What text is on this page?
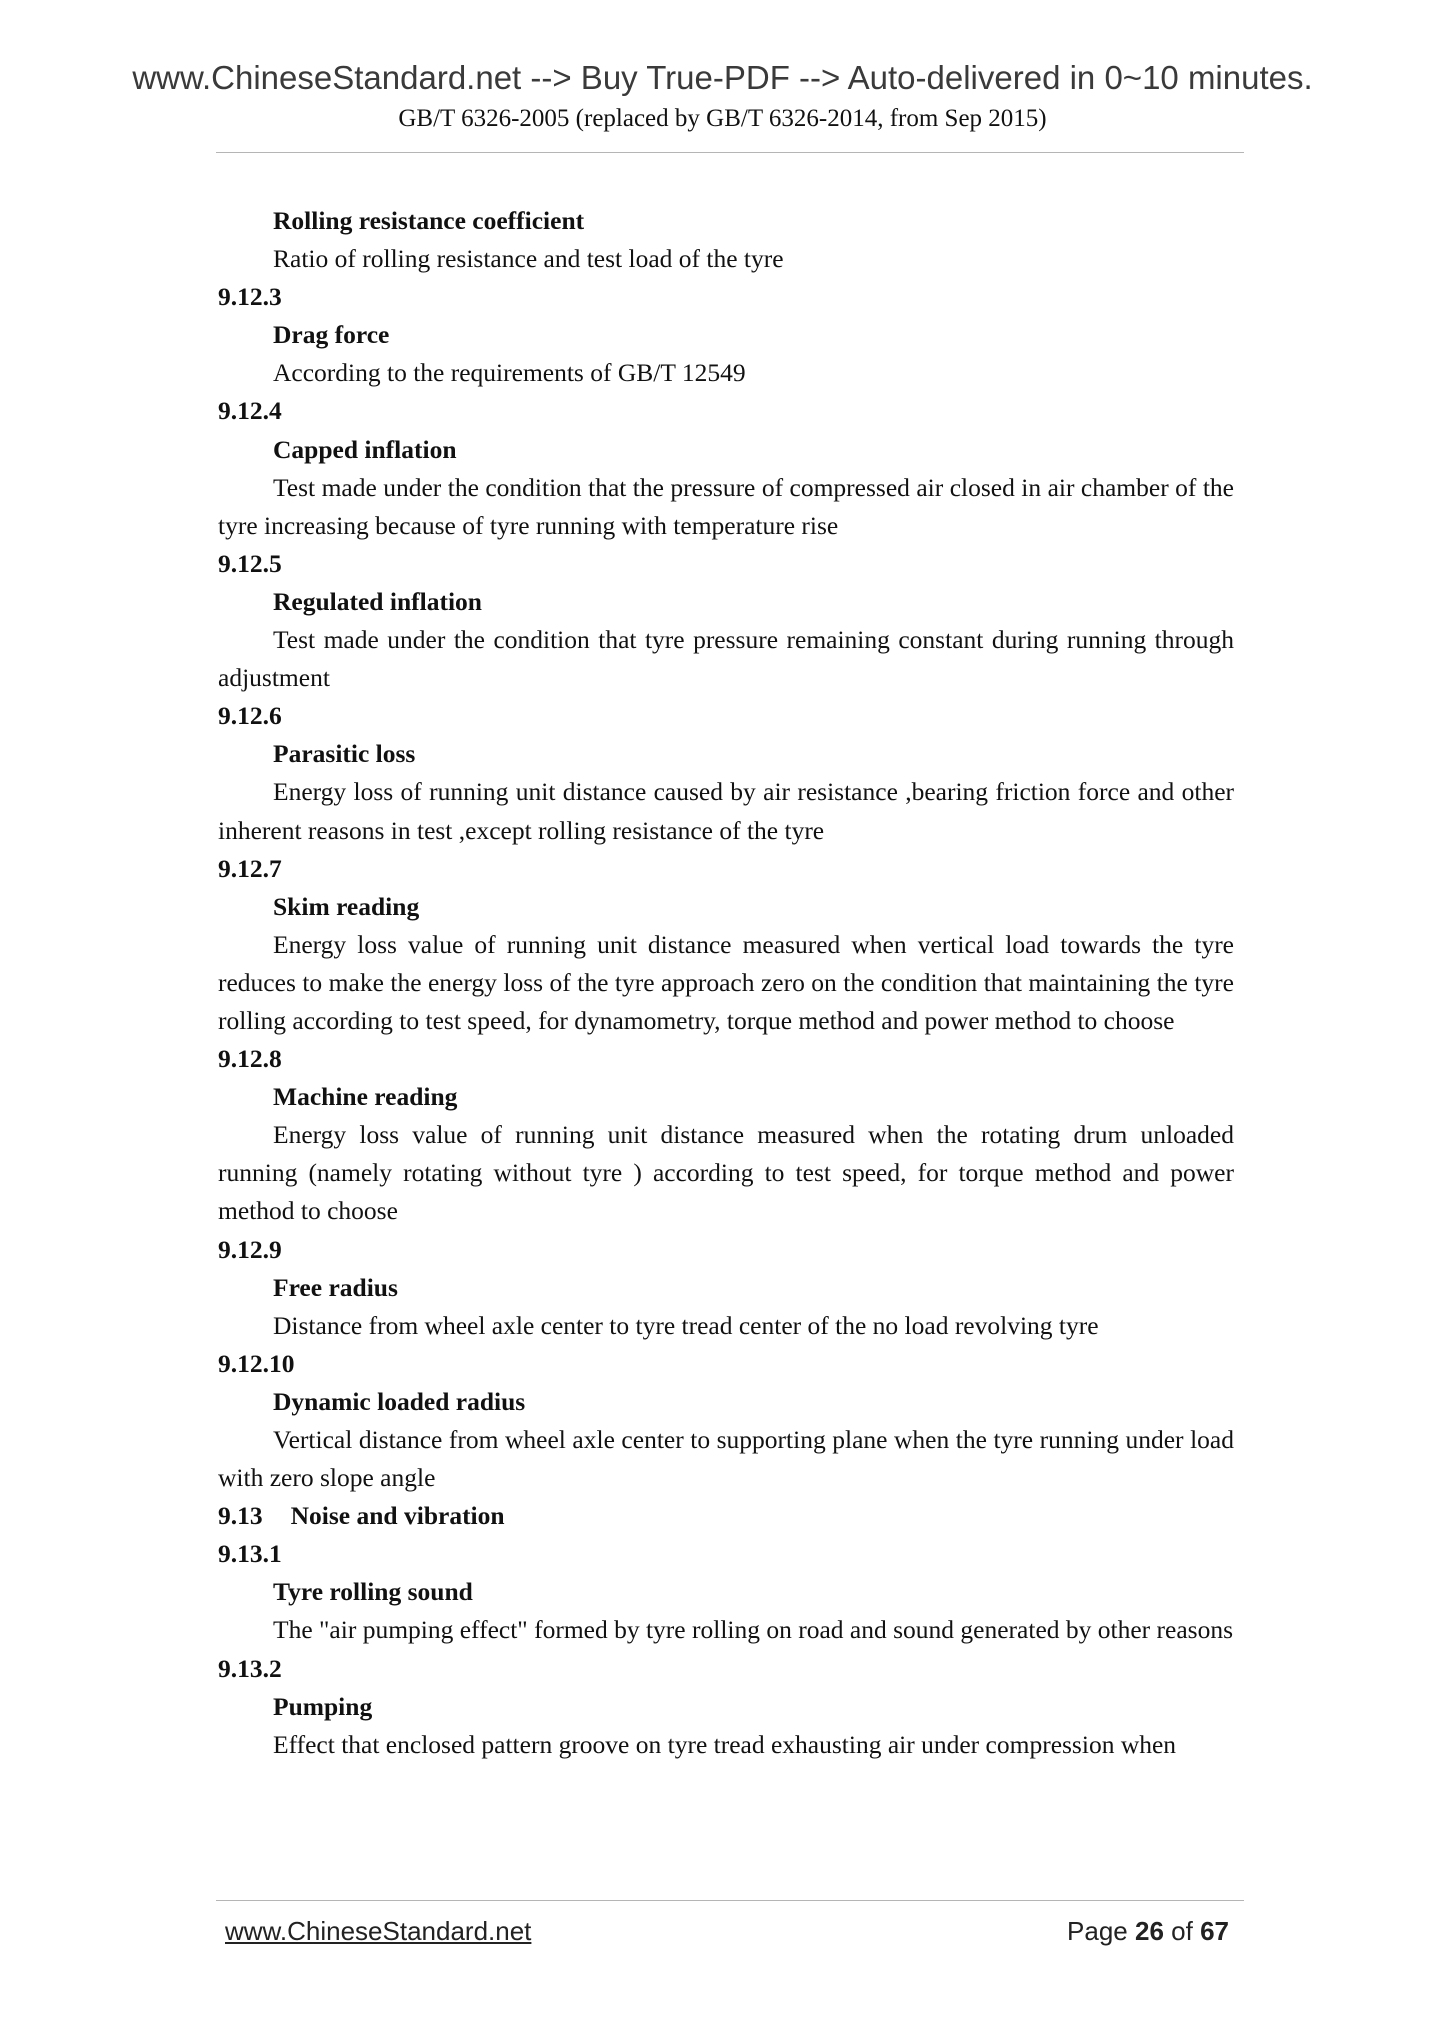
www.ChineseStandard.net --> Buy True-PDF --> Auto-delivered in 0~10 minutes.
GB/T 6326-2005 (replaced by GB/T 6326-2014, from Sep 2015)

Rolling resistance coefficient

Ratio of rolling resistance and test load of the tyre

9.12.3

Drag force

According to the requirements of GB/T 12549

9.12.4

Capped inflation

Test made under the condition that the pressure of compressed air closed in air chamber of the tyre increasing because of tyre running with temperature rise

9.12.5

Regulated inflation

Test made under the condition that tyre pressure remaining constant during running through adjustment

9.12.6

Parasitic loss

Energy loss of running unit distance caused by air resistance ,bearing friction force and other inherent reasons in test ,except rolling resistance of the tyre

9.12.7

Skim reading

Energy loss value of running unit distance measured when vertical load towards the tyre reduces to make the energy loss of the tyre approach zero on the condition that maintaining the tyre rolling according to test speed, for dynamometry, torque method and power method to choose

9.12.8

Machine reading

Energy loss value of running unit distance measured when the rotating drum unloaded running (namely rotating without tyre ) according to test speed, for torque method and power method to choose

9.12.9

Free radius

Distance from wheel axle center to tyre tread center of the no load revolving tyre

9.12.10

Dynamic loaded radius

Vertical distance from wheel axle center to supporting plane when the tyre running under load with zero slope angle

9.13 Noise and vibration

9.13.1

Tyre rolling sound

The "air pumping effect" formed by tyre rolling on road and sound generated by other reasons

9.13.2

Pumping

Effect that enclosed pattern groove on tyre tread exhausting air under compression when

www.ChineseStandard.net	Page 26 of 67
